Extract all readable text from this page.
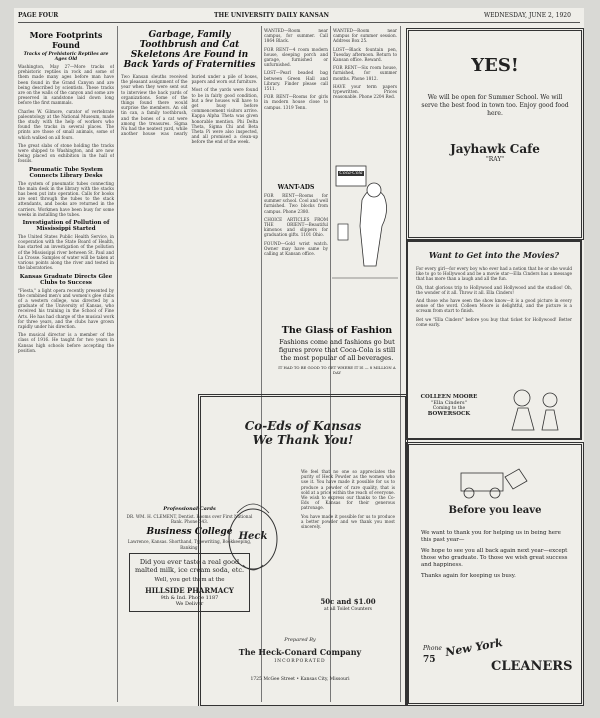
PAGE FOUR	THE UNIVERSITY DAILY KANSAN	WEDNESDAY, JUNE 2, 1920
More Footprints Found
Tracks of Prehistoric Reptiles are Ages Old

Washington, May 27—More tracks of prehistoric reptiles in rock and some of them made many ages before man have been found in the Grand Canyon and are being described by scientists. These tracks are on the walls of the canyon and some are preserved in sandstone laid down long before the first mammals.

Charles W. Gilmore, curator of vertebrate paleontology at the National Museum, made the study with the help of workers who found the tracks in several places. The prints are those of small animals, some of which walked on all fours.

The great slabs of stone holding the tracks were shipped to Washington, and are now being placed on exhibition in the hall of fossils.

Pneumatic Tube System Connects Library Desks

The system of pneumatic tubes connecting the main desk in the library with the stacks has been put into operation. Calls for books are sent through the tubes to the stack attendants, and books are returned in the carriers. Workmen have been busy for some weeks in installing the tubes.

Investigation of Pollution of Mississippi Started

The United States Public Health Service, in cooperation with the State Board of Health, has started an investigation of the pollution of the Mississippi river between St. Paul and La Crosse. Samples of water will be taken at various points along the river and tested in the laboratories.

Kansas Graduate Directs Glee Clubs to Success

"Fiesta," a light opera recently presented by the combined men's and women's glee clubs of a western college, was directed by a graduate of the University of Kansas, who received his training in the School of Fine Arts. He has had charge of the musical work for three years, and the clubs have grown rapidly under his direction.

The musical director is a member of the class of 1916. He taught for two years in Kansas high schools before accepting the position.

Garbage, Family Toothbrush and Cat Skeletons Are Found in Back Yards of Fraternities

Two Kansan sleuths received the pleasant assignment of the year when they were sent out to interview the back yards of organizations. Some of the things found there would surprise the members. An old tin can, a family toothbrush, and the bones of a cat were among the treasures. Sigma Nu had the neatest yard, while another house was nearly buried under a pile of boxes, papers and worn out furniture.

Most of the yards were found to be in fairly good condition, but a few houses will have to get busy before commencement visitors arrive. Kappa Alpha Theta was given honorable mention. Phi Delta Theta, Sigma Chi and Beta Theta Pi were also inspected, and all promised a clean-up before the end of the week.

Professional Cards

DR. WM. H. CLEMENT, Dentist. Rooms over First National Bank. Phone 543.

Business College

Lawrence, Kansas. Shorthand, Typewriting, Bookkeeping, Banking.

Did you ever taste a real good malted milk, ice cream soda, etc.
Well, you get them at the
HILLSIDE PHARMACY
9th & Ind. Phone 1187
We Deliver

WANTED—Room near campus, for summer. Call 1864 Black.

FOR RENT—4 room modern house, sleeping porch and garage, furnished or unfurnished.

LOST—Pearl beaded bag between Green Hall and Library. Finder please call 1511.

FOR RENT—Rooms for girls in modern house close to campus. 1319 Tenn.

WANTED—Room near campus for summer session. Address Box 25.

LOST—Black fountain pen, Tuesday afternoon. Return to Kansan office. Reward.

FOR RENT—Six room house, furnished, for summer months. Phone 1812.

HAVE your term papers typewritten. Prices reasonable. Phone 2204 Red.

WANT-ADS

FOR RENT—Rooms for summer school. Cool and well furnished. Two blocks from campus. Phone 2380.

CHOICE ARTICLES FROM THE ORIENT—Beautiful kimonos and slippers for graduation gifts. 1101 Ohio.

FOUND—Gold wrist watch. Owner may have same by calling at Kansan office.

Coca-Cola
The Glass of Fashion
Fashions come and fashions go but figures prove that Coca-Cola is still the most popular of all beverages.
IT HAD TO BE GOOD TO GET WHERE IT IS — 8 MILLION A DAY
Co-Eds of Kansas
We Thank You!
Heck

We feel that no one so appreciates the purity of Heck Powder as the women who use it. You have made it possible for us to produce a powder of rare quality, that is sold at a price within the reach of everyone. We wish to express our thanks to the Co-Eds of Kansas for their generous patronage.

You have made it possible for us to produce a better powder and we thank you most sincerely.

50c and $1.00
at all Toilet Counters
Prepared By
The Heck-Conard Company
INCORPORATED
1725 McGee Street • Kansas City, Missouri
YES!
We will be open for Summer School. We will serve the best food in town too. Enjoy good food here.
Jayhawk Cafe
"RAY"
Want to Get into the Movies?

For every girl—for every boy who ever had a notion that he or she would like to go to Hollywood and be a movie star—Ella Cinders has a message that has more than a laugh and all the fun.

Oh, that glorious trip to Hollywood and Hollywood and the studios! Oh, the wonder of it all. Throw it all. Ella Cinders!

And those who have seen the show know—it is a good picture in every sense of the word. Colleen Moore is delightful, and the picture is a scream from start to finish.

Bet we "Ella Cinders" before you buy that ticket for Hollywood! Better come early.

COLLEEN MOORE
"Ella Cinders"
Coming to the
BOWERSOCK
Before you leave

We want to thank you for helping us in being here this past year—

We hope to see you all back again next year—except those who graduate. To those we wish great success and happiness.

Thanks again for keeping us busy.

Phone
75
New York
CLEANERS
